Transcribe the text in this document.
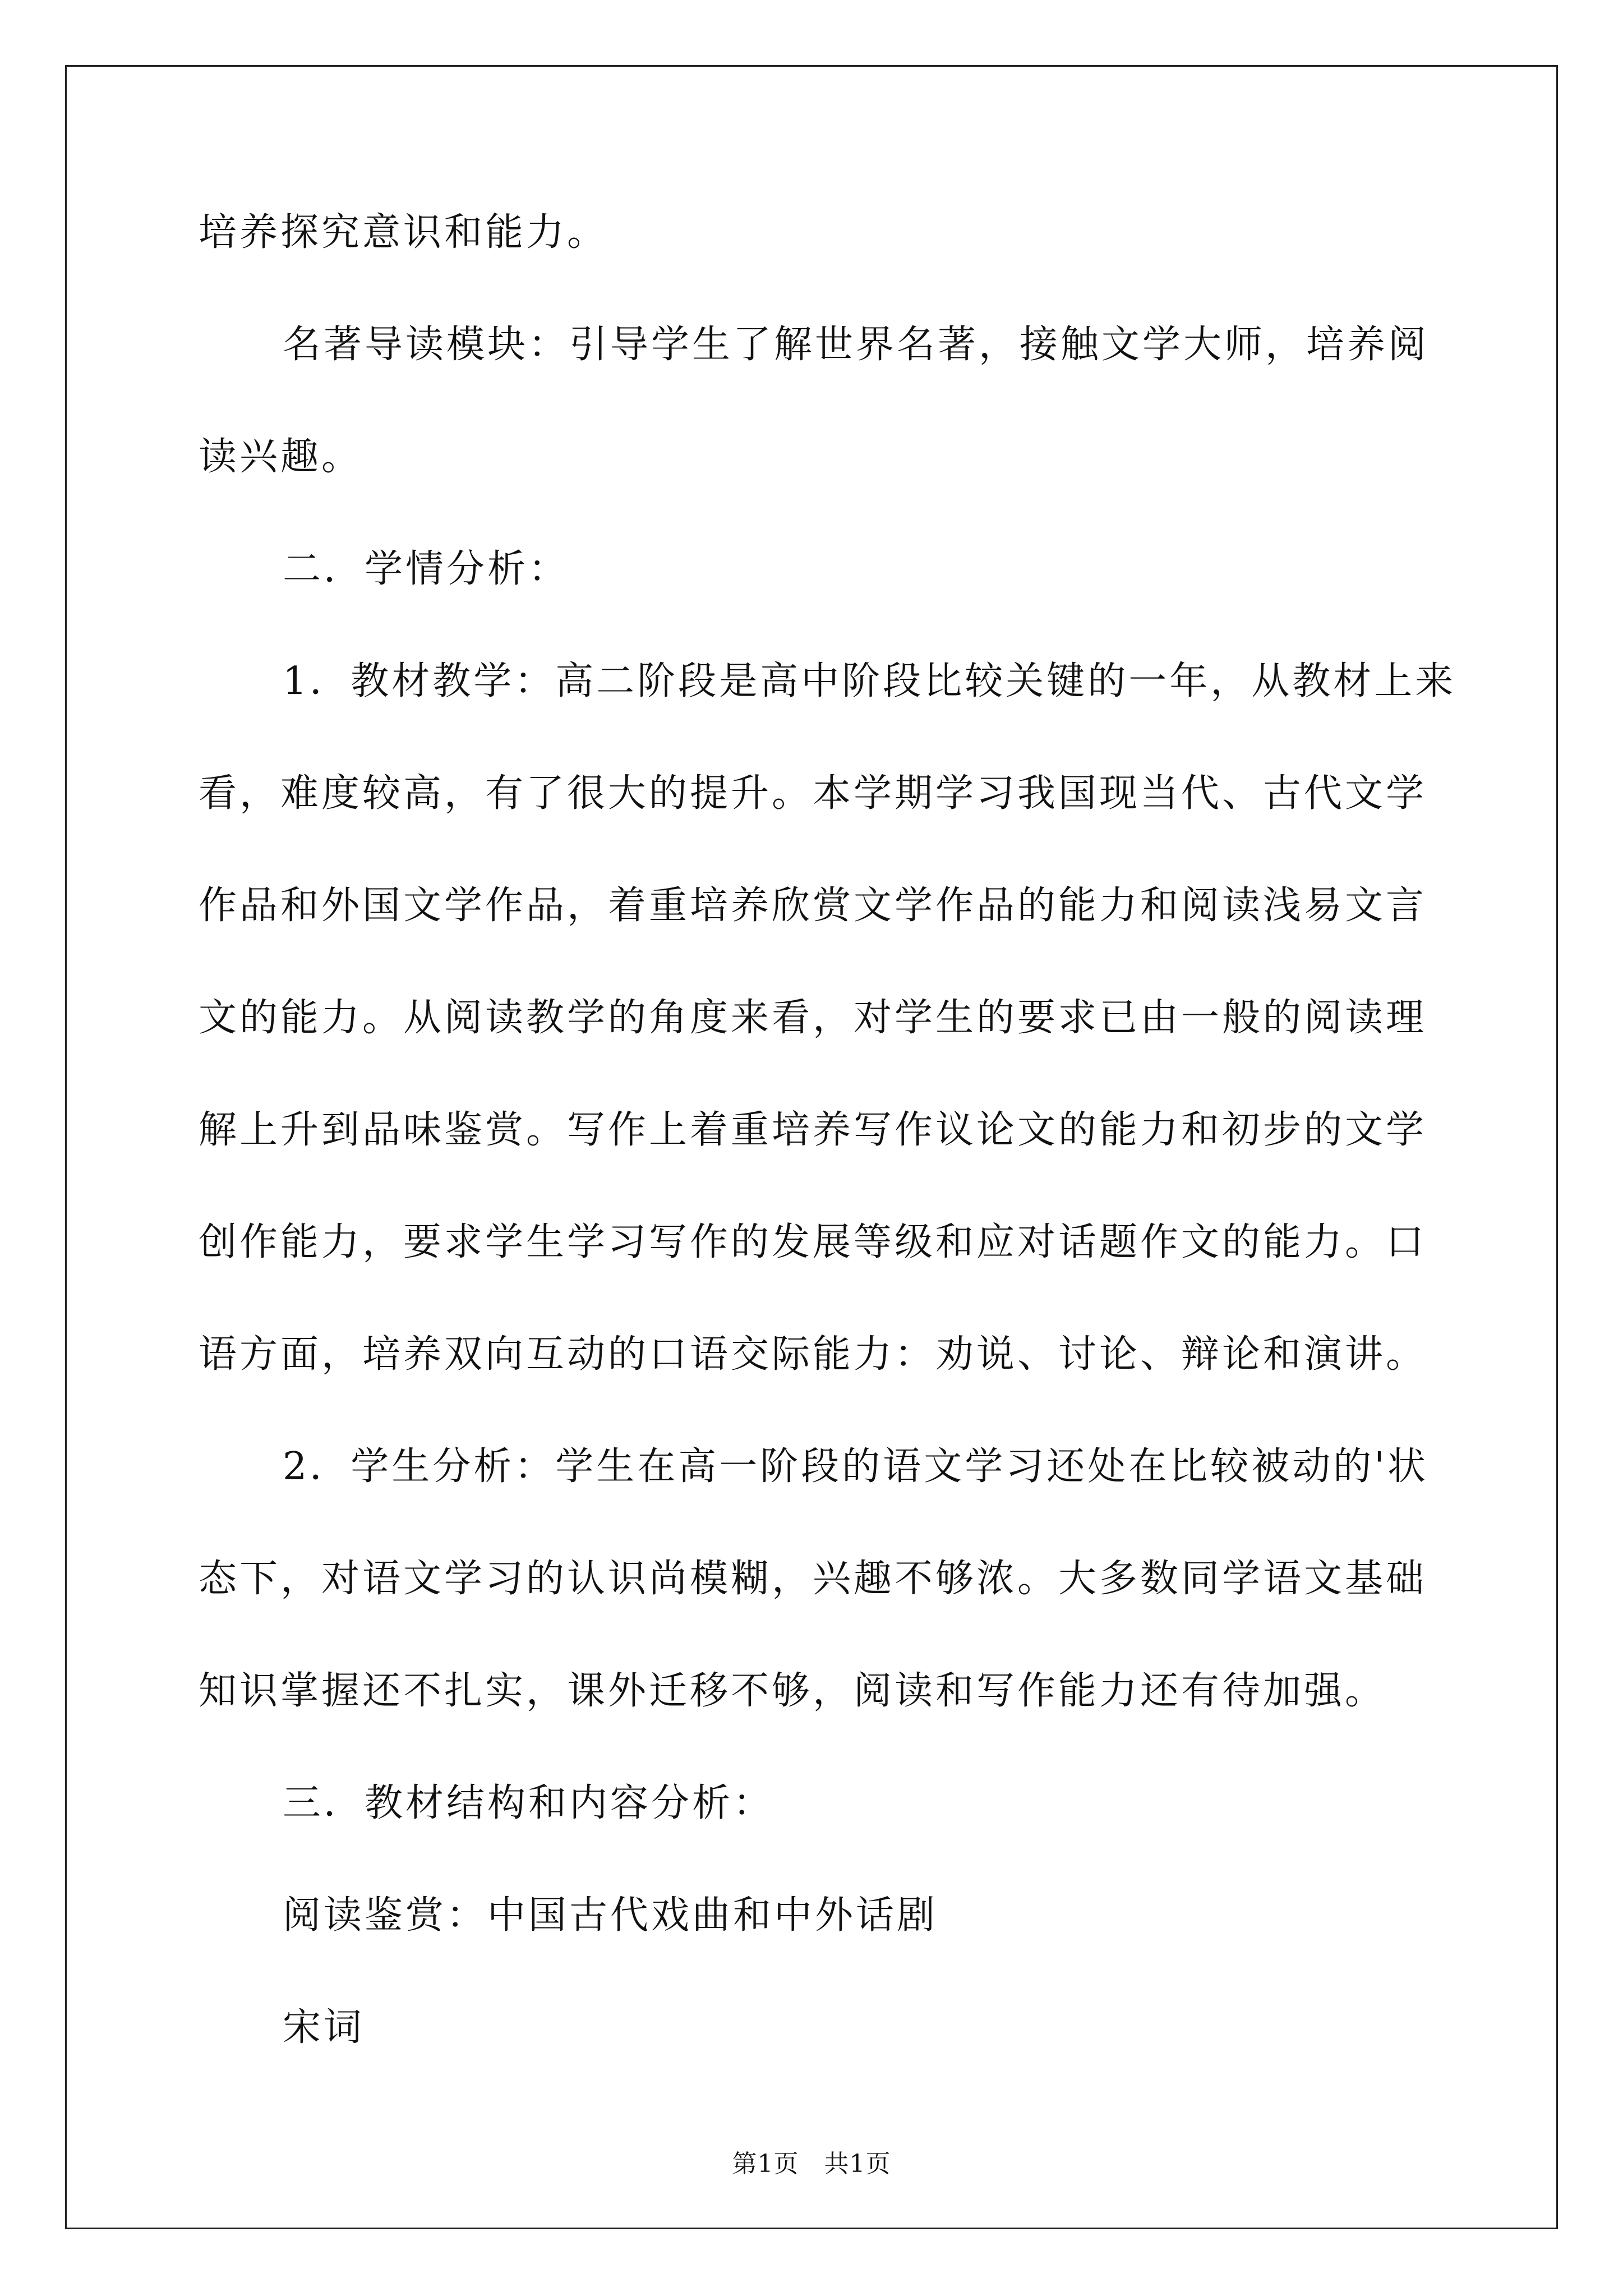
培养探究意识和能力。
名著导读模块：引导学生了解世界名著，接触文学大师，培养阅
读兴趣。
二．学情分析：
1．教材教学：高二阶段是高中阶段比较关键的一年，从教材上来
看，难度较高，有了很大的提升。本学期学习我国现当代、古代文学
作品和外国文学作品，着重培养欣赏文学作品的能力和阅读浅易文言
文的能力。从阅读教学的角度来看，对学生的要求已由一般的阅读理
解上升到品味鉴赏。写作上着重培养写作议论文的能力和初步的文学
创作能力，要求学生学习写作的发展等级和应对话题作文的能力。口
语方面，培养双向互动的口语交际能力：劝说、讨论、辩论和演讲。
2．学生分析：学生在高一阶段的语文学习还处在比较被动的'状
态下，对语文学习的认识尚模糊，兴趣不够浓。大多数同学语文基础
知识掌握还不扎实，课外迁移不够，阅读和写作能力还有待加强。
三．教材结构和内容分析：
阅读鉴赏：中国古代戏曲和中外话剧
宋词
第1页　共1页
